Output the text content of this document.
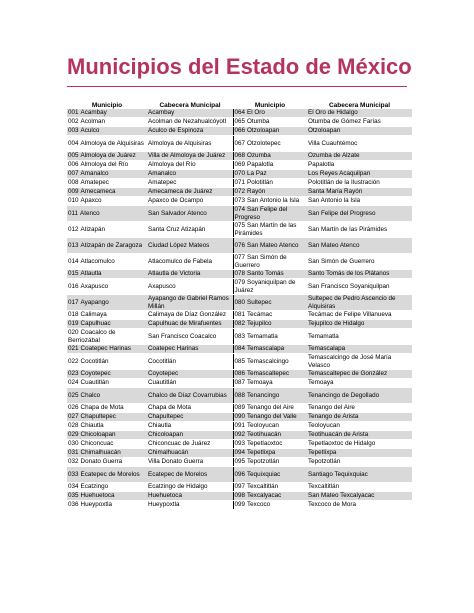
Municipios del Estado de México
Municipio	Cabecera Municipal	Municipio	Cabecera Municipal
001 Acambay	Acambay	064 El Oro	El Oro de Hidalgo
002 Acolman	Acolman de Nezahualcóyotl	065 Otumba	Otumba de Gómez Farías
003 Aculco	Aculco de Espinoza	066 Otzoloapan	Otzoloapan
004 Almoloya de Alquisiras	Almoloya de Alquisiras	067 Otzolotepec	Villa Cuauhtémoc
005 Almoloya de Juárez	Villa de Almoloya de Juárez	068 Ozumba	Ozumba de Alzate
006 Almoloya del Río	Almoloya del Río	069 Papalotla	Papalotla
007 Amanalco	Amanalco	070 La Paz	Los Reyes Acaquilpan
008 Amatepec	Amatepec	071 Polotitlán	Polotitlán de la Ilustración
009 Amecameca	Amecameca de Juárez	072 Rayón	Santa María Rayón
010 Apaxco	Apaxco de Ocampo	073 San Antonio la Isla	San Antonio la Isla
011 Atenco	San Salvador Atenco	074 San Felipe del Progreso	San Felipe del Progreso
012 Atizapán	Santa Cruz Atizapán	075 San Martín de las Pirámides	San Martín de las Pirámides
013 Atizapán de Zaragoza	Ciudad López Mateos	076 San Mateo Atenco	San Mateo Atenco
014 Atlacomulco	Atlacomulco de Fabela	077 San Simón de Guerrero	San Simón de Guerrero
015 Atlautla	Atlautla de Victoria	078 Santo Tomás	Santo Tomás de los Plátanos
016 Axapusco	Axapusco	079 Soyaniquilpan de Juárez	San Francisco Soyaniquilpan
017 Ayapango	Ayapango de Gabriel Ramos Millán	080 Sultepec	Sultepec de Pedro Ascencio de Alquisiras
018 Calimaya	Calimaya de Díaz González	081 Tecámac	Tecámac de Felipe Villanueva
019 Capulhuac	Capulhuac de Mirafuentes	082 Tejupilco	Tejupilco de Hidalgo
020 Coacalco de Berriozábal	San Francisco Coacalco	083 Temamatla	Temamatla
021 Coatepec Harinas	Coatepec Harinas	084 Temascalapa	Temascalapa
022 Cocotitlán	Cocotitlán	085 Temascalcingo	Temascalcingo de José María Velasco
023 Coyotepec	Coyotepec	086 Temascaltepec	Temascaltepec de González
024 Cuautitlán	Cuautitlán	087 Temoaya	Temoaya
025 Chalco	Chalco de Díaz Covarrubias	088 Tenancingo	Tenancingo de Degollado
026 Chapa de Mota	Chapa de Mota	089 Tenango del Aire	Tenango del Aire
027 Chapultepec	Chapultepec	090 Tenango del Valle	Tenango de Arista
028 Chiautla	Chiautla	091 Teoloyucan	Teoloyucan
029 Chicoloapan	Chicoloapan	092 Teotihuacán	Teotihuacán de Arista
030 Chiconcuac	Chiconcuac de Juárez	093 Tepetlaoxtoc	Tepetlaoxtoc de Hidalgo
031 Chimalhuacán	Chimalhuacán	094 Tepetlixpa	Tepetlixpa
032 Donato Guerra	Villa Donato Guerra	095 Tepotzotlán	Tepotzotlán
033 Ecatepec de Morelos	Ecatepec de Morelos	096 Tequixquiac	Santiago Tequixquiac
034 Ecatzingo	Ecatzingo de Hidalgo	097 Texcaltitlán	Texcaltitlán
035 Huehuetoca	Huehuetoca	098 Texcalyacac	San Mateo Texcalyacac
036 Hueypoxtla	Hueypoxtla	099 Texcoco	Texcoco de Mora
